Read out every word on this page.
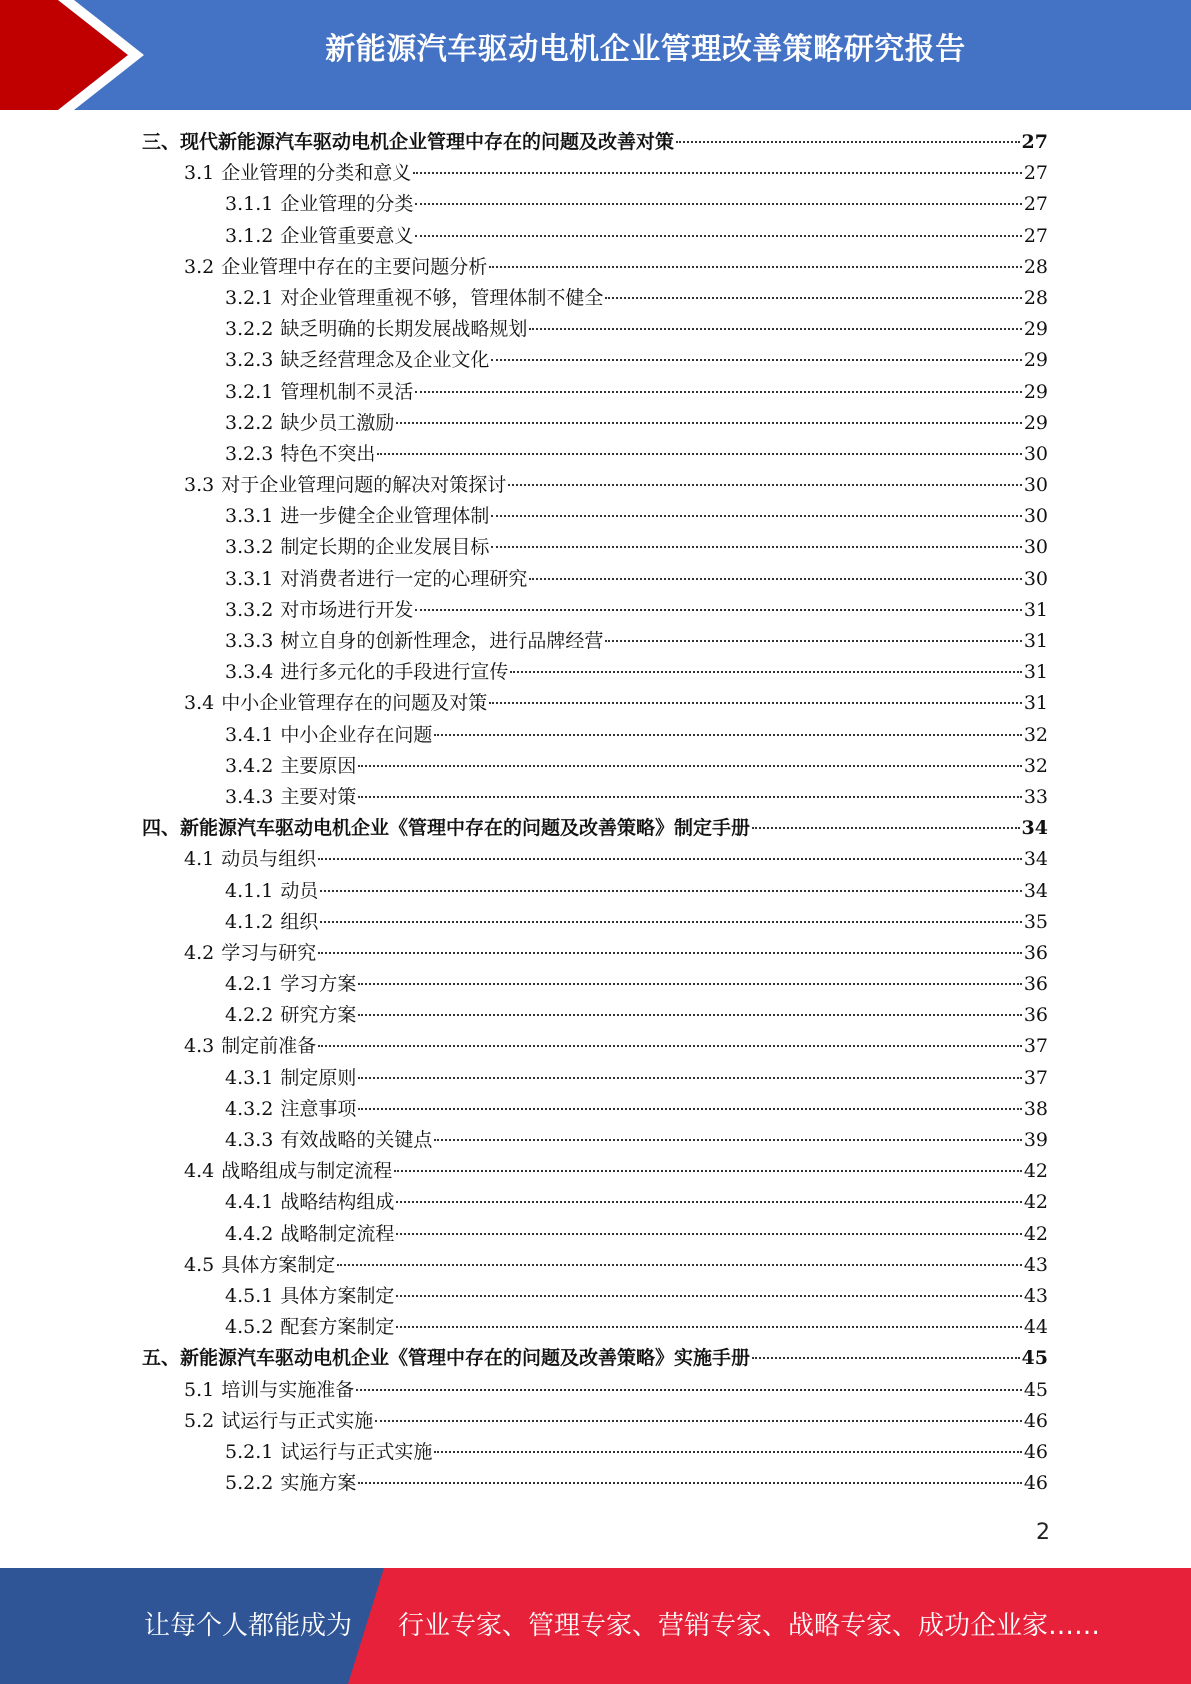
新能源汽车驱动电机企业管理改善策略研究报告
三、现代新能源汽车驱动电机企业管理中存在的问题及改善对策	27
3.1 企业管理的分类和意义	27
3.1.1 企业管理的分类	27
3.1.2 企业管重要意义	27
3.2 企业管理中存在的主要问题分析	28
3.2.1 对企业管理重视不够，管理体制不健全	28
3.2.2 缺乏明确的长期发展战略规划	29
3.2.3 缺乏经营理念及企业文化	29
3.2.1 管理机制不灵活	29
3.2.2 缺少员工激励	29
3.2.3 特色不突出	30
3.3 对于企业管理问题的解决对策探讨	30
3.3.1 进一步健全企业管理体制	30
3.3.2 制定长期的企业发展目标	30
3.3.1 对消费者进行一定的心理研究	30
3.3.2 对市场进行开发	31
3.3.3 树立自身的创新性理念，进行品牌经营	31
3.3.4 进行多元化的手段进行宣传	31
3.4 中小企业管理存在的问题及对策	31
3.4.1 中小企业存在问题	32
3.4.2 主要原因	32
3.4.3 主要对策	33
四、新能源汽车驱动电机企业《管理中存在的问题及改善策略》制定手册	34
4.1 动员与组织	34
4.1.1 动员	34
4.1.2 组织	35
4.2 学习与研究	36
4.2.1 学习方案	36
4.2.2 研究方案	36
4.3 制定前准备	37
4.3.1 制定原则	37
4.3.2 注意事项	38
4.3.3 有效战略的关键点	39
4.4 战略组成与制定流程	42
4.4.1 战略结构组成	42
4.4.2 战略制定流程	42
4.5 具体方案制定	43
4.5.1 具体方案制定	43
4.5.2 配套方案制定	44
五、新能源汽车驱动电机企业《管理中存在的问题及改善策略》实施手册	45
5.1 培训与实施准备	45
5.2 试运行与正式实施	46
5.2.1 试运行与正式实施	46
5.2.2 实施方案	46
2
让每个人都能成为 行业专家、管理专家、营销专家、战略专家、成功企业家……
